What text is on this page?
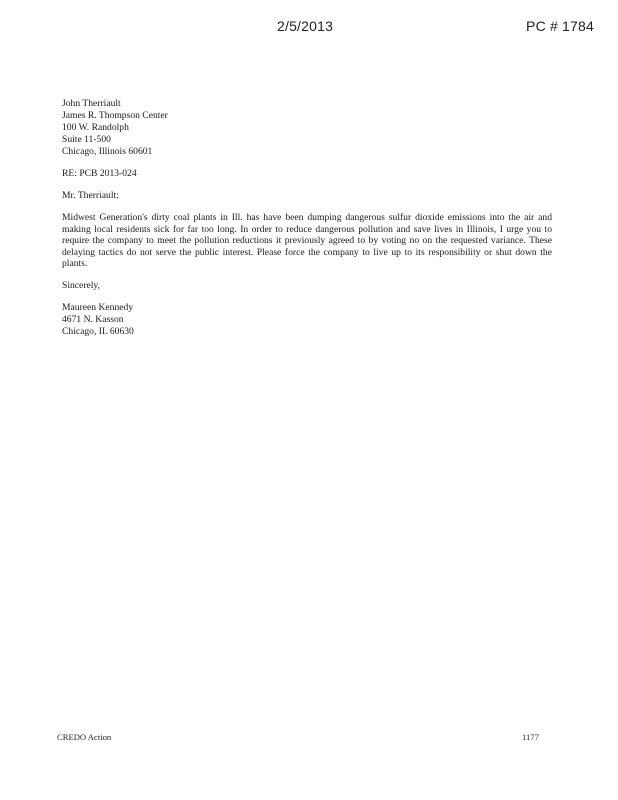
2/5/2013	PC # 1784
John Therriault
James R. Thompson Center
100 W. Randolph
Suite 11-500
Chicago, Illinois 60601
RE: PCB 2013-024
Mr. Therriault:
Midwest Generation's dirty coal plants in Ill. has have been dumping dangerous sulfur dioxide emissions into the air and making local residents sick for far too long. In order to reduce dangerous pollution and save lives in Illinois, I urge you to require the company to meet the pollution reductions it previously agreed to by voting no on the requested variance. These delaying tactics do not serve the public interest. Please force the company to live up to its responsibility or shut down the plants.
Sincerely,
Maureen Kennedy
4671 N. Kasson
Chicago, IL 60630
CREDO Action	1177
